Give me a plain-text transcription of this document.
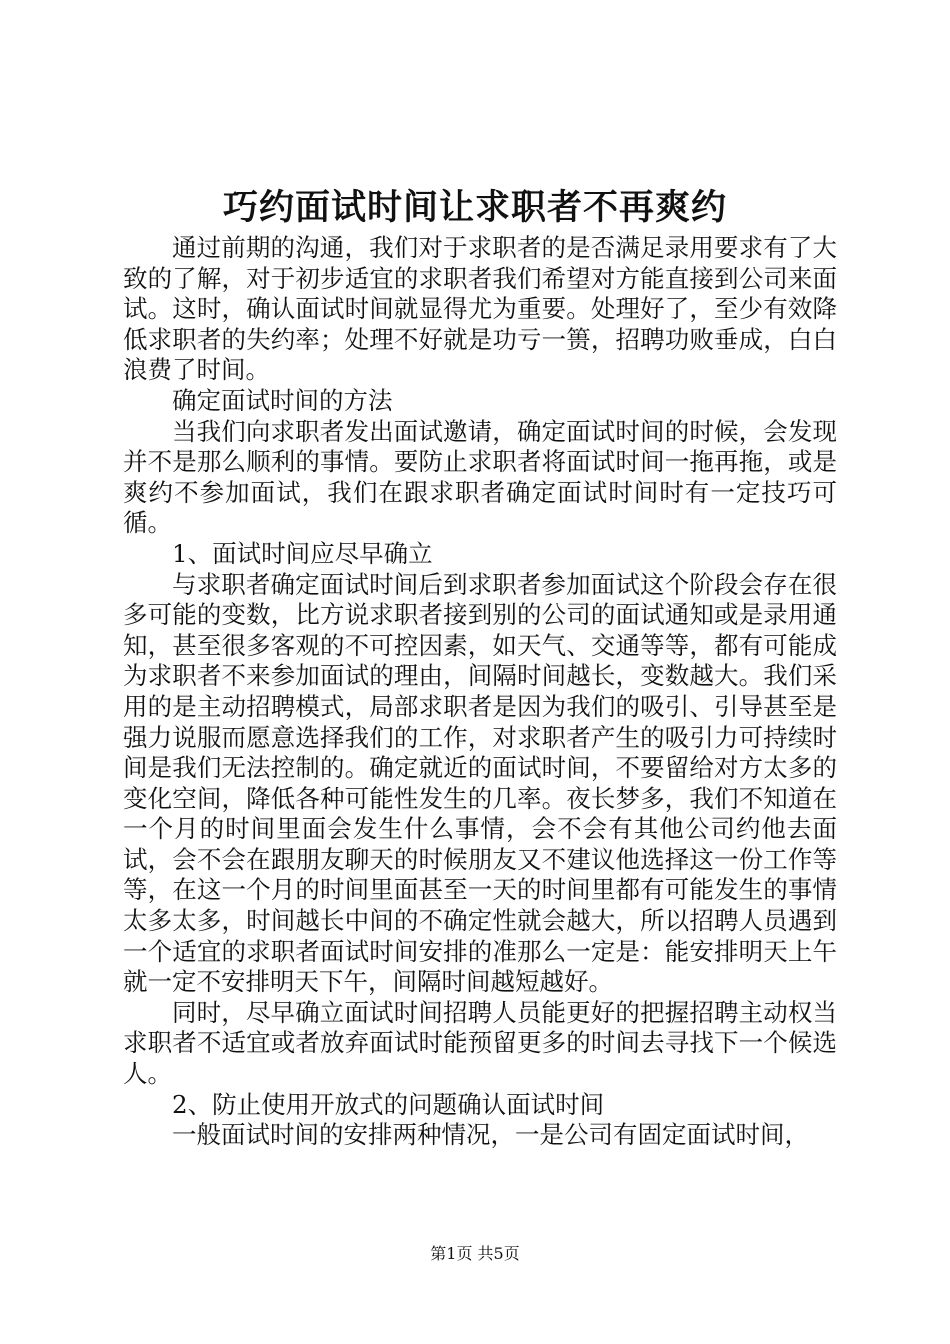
巧约面试时间让求职者不再爽约

通过前期的沟通，我们对于求职者的是否满足录用要求有了大致的了解，对于初步适宜的求职者我们希望对方能直接到公司来面试。这时，确认面试时间就显得尤为重要。处理好了，至少有效降低求职者的失约率；处理不好就是功亏一篑，招聘功败垂成，白白浪费了时间。

确定面试时间的方法

当我们向求职者发出面试邀请，确定面试时间的时候，会发现并不是那么顺利的事情。要防止求职者将面试时间一拖再拖，或是爽约不参加面试，我们在跟求职者确定面试时间时有一定技巧可循。

1、面试时间应尽早确立

与求职者确定面试时间后到求职者参加面试这个阶段会存在很多可能的变数，比方说求职者接到别的公司的面试通知或是录用通知，甚至很多客观的不可控因素，如天气、交通等等，都有可能成为求职者不来参加面试的理由，间隔时间越长，变数越大。我们采用的是主动招聘模式，局部求职者是因为我们的吸引、引导甚至是强力说服而愿意选择我们的工作，对求职者产生的吸引力可持续时间是我们无法控制的。确定就近的面试时间，不要留给对方太多的变化空间，降低各种可能性发生的几率。夜长梦多，我们不知道在一个月的时间里面会发生什么事情，会不会有其他公司约他去面试，会不会在跟朋友聊天的时候朋友又不建议他选择这一份工作等等，在这一个月的时间里面甚至一天的时间里都有可能发生的事情太多太多，时间越长中间的不确定性就会越大，所以招聘人员遇到一个适宜的求职者面试时间安排的准那么一定是：能安排明天上午就一定不安排明天下午，间隔时间越短越好。

同时，尽早确立面试时间招聘人员能更好的把握招聘主动权当求职者不适宜或者放弃面试时能预留更多的时间去寻找下一个候选人。

2、防止使用开放式的问题确认面试时间

一般面试时间的安排两种情况，一是公司有固定面试时间，

第1页 共5页
